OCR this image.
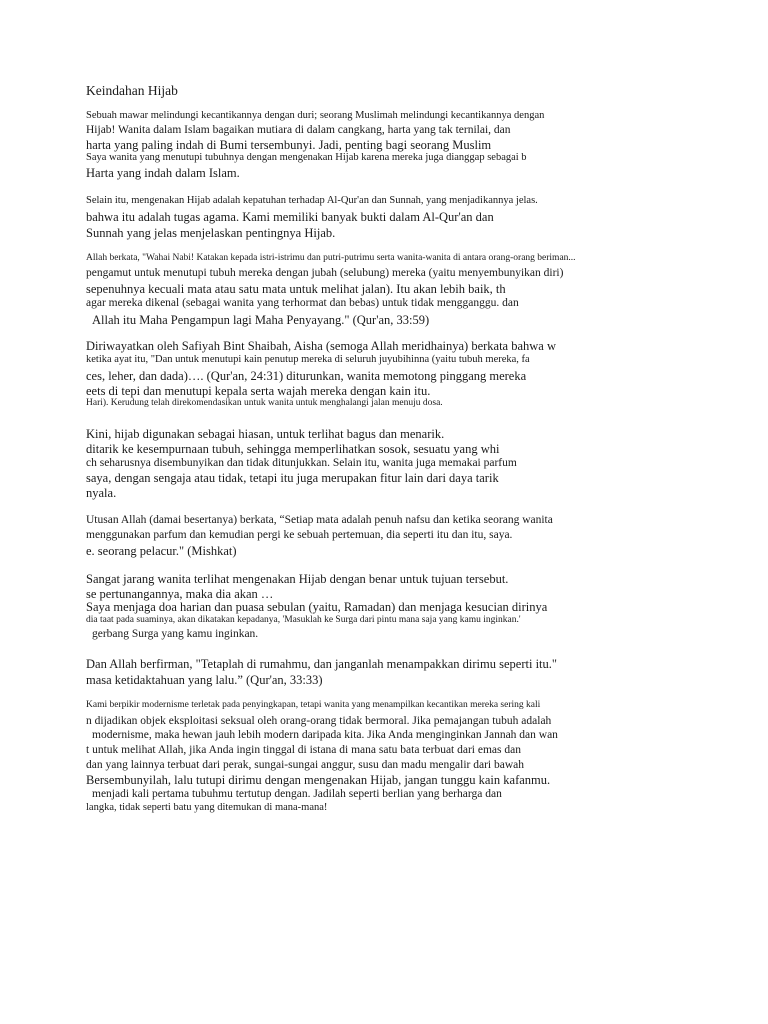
Keindahan Hijab
Sebuah mawar melindungi kecantikannya dengan duri; seorang Muslimah melindungi kecantikannya dengan
Hijab! Wanita dalam Islam bagaikan mutiara di dalam cangkang, harta yang tak ternilai, dan
harta yang paling indah di Bumi tersembunyi. Jadi, penting bagi seorang Muslim
Saya wanita yang menutupi tubuhnya dengan mengenakan Hijab karena mereka juga dianggap sebagai b
Harta yang indah dalam Islam.
Selain itu, mengenakan Hijab adalah kepatuhan terhadap Al-Qur'an dan Sunnah, yang menjadikannya jelas.
bahwa itu adalah tugas agama. Kami memiliki banyak bukti dalam Al-Qur'an dan
Sunnah yang jelas menjelaskan pentingnya Hijab.
Allah berkata, "Wahai Nabi! Katakan kepada istri-istrimu dan putri-putrimu serta wanita-wanita di antara orang-orang beriman...
pengamut untuk menutupi tubuh mereka dengan jubah (selubung) mereka (yaitu menyembunyikan diri)
sepenuhnya kecuali mata atau satu mata untuk melihat jalan). Itu akan lebih baik, th
agar mereka dikenal (sebagai wanita yang terhormat dan bebas) untuk tidak mengganggu. dan
Allah itu Maha Pengampun lagi Maha Penyayang." (Qur'an, 33:59)
Diriwayatkan oleh Safiyah Bint Shaibah, Aisha (semoga Allah meridhainya) berkata bahwa w
ketika ayat itu, "Dan untuk menutupi kain penutup mereka di seluruh juyubihinna (yaitu tubuh mereka, fa
ces, leher, dan dada)…. (Qur'an, 24:31) diturunkan, wanita memotong pinggang mereka
eets di tepi dan menutupi kepala serta wajah mereka dengan kain itu.
Hari). Kerudung telah direkomendasikan untuk wanita untuk menghalangi jalan menuju dosa.
Kini, hijab digunakan sebagai hiasan, untuk terlihat bagus dan menarik.
ditarik ke kesempurnaan tubuh, sehingga memperlihatkan sosok, sesuatu yang whi
ch seharusnya disembunyikan dan tidak ditunjukkan. Selain itu, wanita juga memakai parfum
saya, dengan sengaja atau tidak, tetapi itu juga merupakan fitur lain dari daya tarik
nyala.
Utusan Allah (damai besertanya) berkata, “Setiap mata adalah penuh nafsu dan ketika seorang wanita
menggunakan parfum dan kemudian pergi ke sebuah pertemuan, dia seperti itu dan itu, saya.
e. seorang pelacur." (Mishkat)
Sangat jarang wanita terlihat mengenakan Hijab dengan benar untuk tujuan tersebut.
se pertunangannya, maka dia akan …
Saya menjaga doa harian dan puasa sebulan (yaitu, Ramadan) dan menjaga kesucian dirinya
dia taat pada suaminya, akan dikatakan kepadanya, 'Masuklah ke Surga dari pintu mana saja yang kamu inginkan.'
gerbang Surga yang kamu inginkan.
Dan Allah berfirman, "Tetaplah di rumahmu, dan janganlah menampakkan dirimu seperti itu."
masa ketidaktahuan yang lalu.” (Qur'an, 33:33)
Kami berpikir modernisme terletak pada penyingkapan, tetapi wanita yang menampilkan kecantikan mereka sering kali
n dijadikan objek eksploitasi seksual oleh orang-orang tidak bermoral. Jika pemajangan tubuh adalah
modernisme, maka hewan jauh lebih modern daripada kita. Jika Anda menginginkan Jannah dan wan
t untuk melihat Allah, jika Anda ingin tinggal di istana di mana satu bata terbuat dari emas dan
dan yang lainnya terbuat dari perak, sungai-sungai anggur, susu dan madu mengalir dari bawah
Bersembunyilah, lalu tutupi dirimu dengan mengenakan Hijab, jangan tunggu kain kafanmu.
menjadi kali pertama tubuhmu tertutup dengan. Jadilah seperti berlian yang berharga dan
langka, tidak seperti batu yang ditemukan di mana-mana!
